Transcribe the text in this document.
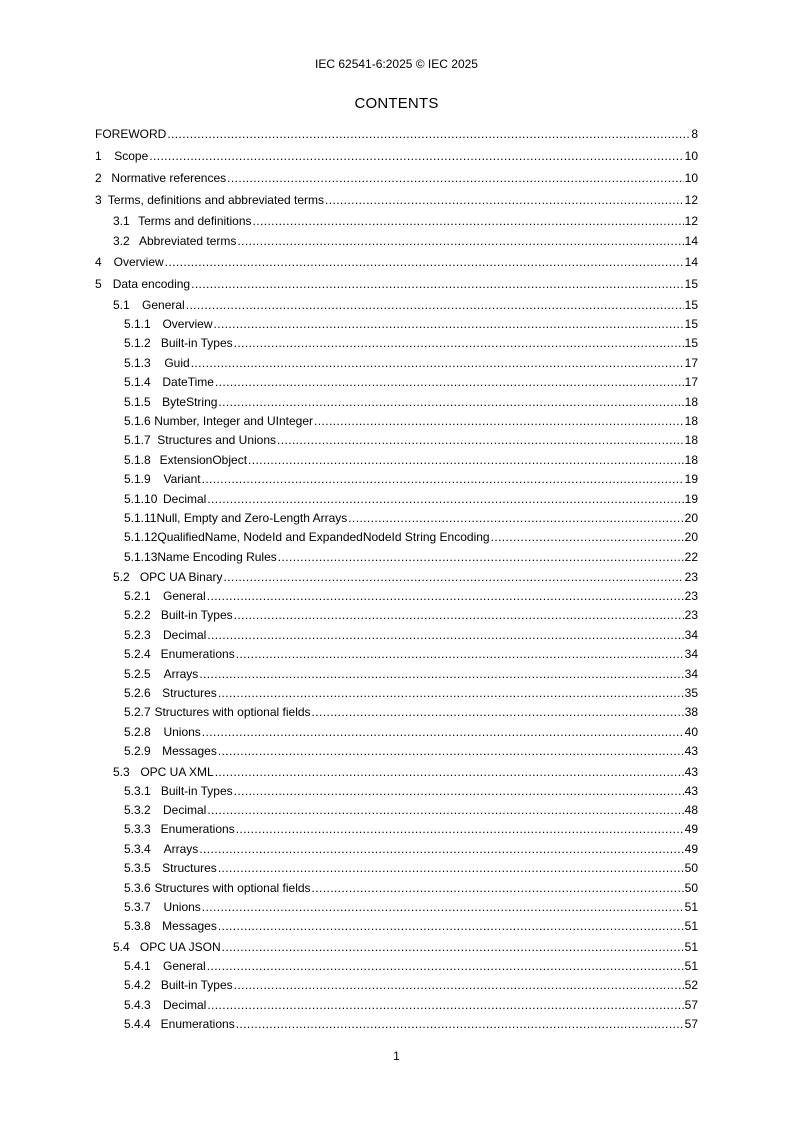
IEC 62541-6:2025 © IEC 2025
CONTENTS
FOREWORD .....	8
1	Scope .....	10
2 Normative references .....	10
3 Terms, definitions and abbreviated terms .....	12
3.1 Terms and definitions .....	12
3.2 Abbreviated terms .....	14
4 Overview .....	14
5 Data encoding .....	15
5.1	General .....	15
5.1.1 Overview .....	15
5.1.2 Built-in Types .....	15
5.1.3	Guid .....	17
5.1.4 DateTime .....	17
5.1.5 ByteString .....	18
5.1.6 Number, Integer and UInteger .....	18
5.1.7 Structures and Unions .....	18
5.1.8 ExtensionObject .....	18
5.1.9	Variant .....	19
5.1.10 Decimal .....	19
5.1.11 Null, Empty and Zero-Length Arrays .....	20
5.1.12 QualifiedName, NodeId and ExpandedNodeId String Encoding .....	20
5.1.13 Name Encoding Rules .....	22
5.2 OPC UA Binary .....	23
5.2.1	General .....	23
5.2.2 Built-in Types .....	23
5.2.3	Decimal .....	34
5.2.4 Enumerations .....	34
5.2.5	Arrays .....	34
5.2.6 Structures .....	35
5.2.7 Structures with optional fields .....	38
5.2.8	Unions .....	40
5.2.9 Messages .....	43
5.3 OPC UA XML .....	43
5.3.1 Built-in Types .....	43
5.3.2	Decimal .....	48
5.3.3 Enumerations .....	49
5.3.4	Arrays .....	49
5.3.5 Structures .....	50
5.3.6 Structures with optional fields .....	50
5.3.7	Unions .....	51
5.3.8 Messages .....	51
5.4 OPC UA JSON .....	51
5.4.1	General .....	51
5.4.2 Built-in Types .....	52
5.4.3	Decimal .....	57
5.4.4 Enumerations .....	57
1
